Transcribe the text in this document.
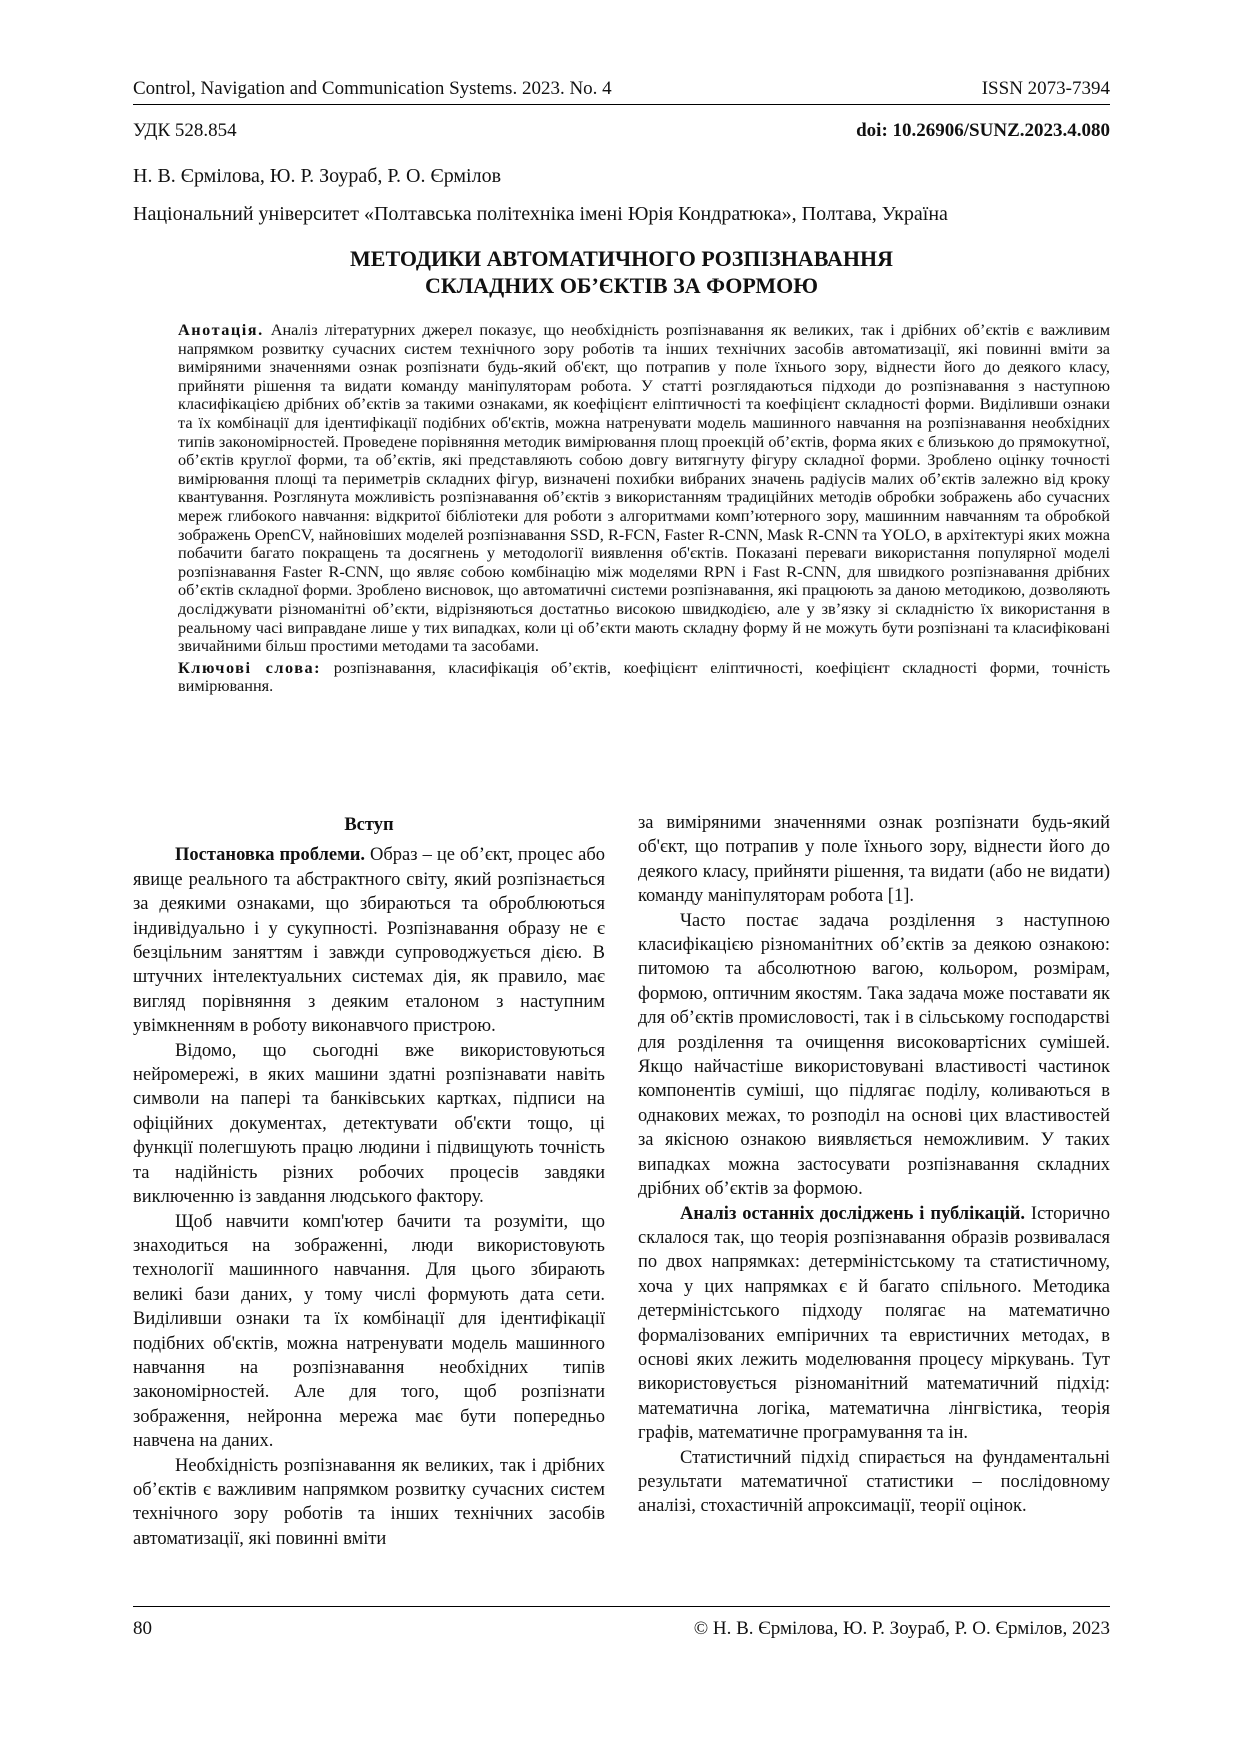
Control, Navigation and Communication Systems. 2023. No. 4	ISSN 2073-7394
УДК 528.854	doi: 10.26906/SUNZ.2023.4.080
Н. В. Єрмілова, Ю. Р. Зоураб, Р. О. Єрмілов
Національний університет «Полтавська політехніка імені Юрія Кондратюка», Полтава, Україна
МЕТОДИКИ АВТОМАТИЧНОГО РОЗПІЗНАВАННЯ
СКЛАДНИХ ОБ’ЄКТІВ ЗА ФОРМОЮ

Анотація. Аналіз літературних джерел показує, що необхідність розпізнавання як великих, так і дрібних об’єктів є важливим напрямком розвитку сучасних систем технічного зору роботів та інших технічних засобів автоматизації, які повинні вміти за виміряними значеннями ознак розпізнати будь-який об'єкт, що потрапив у поле їхнього зору, віднести його до деякого класу, прийняти рішення та видати команду маніпуляторам робота. У статті розглядаються підходи до розпізнавання з наступною класифікацією дрібних об’єктів за такими ознаками, як коефіцієнт еліптичності та коефіцієнт складності форми. Виділивши ознаки та їх комбінації для ідентифікації подібних об'єктів, можна натренувати модель машинного навчання на розпізнавання необхідних типів закономірностей. Проведене порівняння методик вимірювання площ проекцій об’єктів, форма яких є близькою до прямокутної, об’єктів круглої форми, та об’єктів, які представляють собою довгу витягнуту фігуру складної форми. Зроблено оцінку точності вимірювання площі та периметрів складних фігур, визначені похибки вибраних значень радіусів малих об’єктів залежно від кроку квантування. Розглянута можливість розпізнавання об’єктів з використанням традиційних методів обробки зображень або сучасних мереж глибокого навчання: відкритої бібліотеки для роботи з алгоритмами комп’ютерного зору, машинним навчанням та обробкой зображень OpenCV, найновіших моделей розпізнавання SSD, R-FCN, Faster R-CNN, Mask R-CNN та YOLO, в архітектурі яких можна побачити багато покращень та досягнень у методології виявлення об'єктів. Показані переваги використання популярної моделі розпізнавання Faster R-CNN, що являє собою комбінацію між моделями RPN і Fast R-CNN, для швидкого розпізнавання дрібних об’єктів складної форми. Зроблено висновок, що автоматичні системи розпізнавання, які працюють за даною методикою, дозволяють досліджувати різноманітні об’єкти, відрізняються достатньо високою швидкодією, але у зв’язку зі складністю їх використання в реальному часі виправдане лише у тих випадках, коли ці об’єкти мають складну форму й не можуть бути розпізнані та класифіковані звичайними більш простими методами та засобами.

Ключові слова: розпізнавання, класифікація об’єктів, коефіцієнт еліптичності, коефіцієнт складності форми, точність вимірювання.

Вступ

Постановка проблеми. Образ – це об’єкт, процес або явище реального та абстрактного світу, який розпізнається за деякими ознаками, що збираються та оброблюються індивідуально і у сукупності. Розпізнавання образу не є безцільним заняттям і завжди супроводжується дією. В штучних інтелектуальних системах дія, як правило, має вигляд порівняння з деяким еталоном з наступним увімкненням в роботу виконавчого пристрою.

Відомо, що сьогодні вже використовуються нейромережі, в яких машини здатні розпізнавати навіть символи на папері та банківських картках, підписи на офіційних документах, детектувати об'єкти тощо, ці функції полегшують працю людини і підвищують точність та надійність різних робочих процесів завдяки виключенню із завдання людського фактору.

Щоб навчити комп'ютер бачити та розуміти, що знаходиться на зображенні, люди використовують технології машинного навчання. Для цього збирають великі бази даних, у тому числі формують дата сети. Виділивши ознаки та їх комбінації для ідентифікації подібних об'єктів, можна натренувати модель машинного навчання на розпізнавання необхідних типів закономірностей. Але для того, щоб розпізнати зображення, нейронна мережа має бути попередньо навчена на даних.

Необхідність розпізнавання як великих, так і дрібних об’єктів є важливим напрямком розвитку сучасних систем технічного зору роботів та інших технічних засобів автоматизації, які повинні вміти

за виміряними значеннями ознак розпізнати будь-який об'єкт, що потрапив у поле їхнього зору, віднести його до деякого класу, прийняти рішення, та видати (або не видати) команду маніпуляторам робота [1].

Часто постає задача розділення з наступною класифікацією різноманітних об’єктів за деякою ознакою: питомою та абсолютною вагою, кольором, розмірам, формою, оптичним якостям. Така задача може поставати як для об’єктів промисловості, так і в сільському господарстві для розділення та очищення високовартісних сумішей. Якщо найчастіше використовувані властивості частинок компонентів суміші, що підлягає поділу, коливаються в однакових межах, то розподіл на основі цих властивостей за якісною ознакою виявляється неможливим. У таких випадках можна застосувати розпізнавання складних дрібних об’єктів за формою.

Аналіз останніх досліджень і публікацій. Історично склалося так, що теорія розпізнавання образів розвивалася по двох напрямках: детерміністському та статистичному, хоча у цих напрямках є й багато спільного. Методика детерміністського підходу полягає на математично формалізованих емпіричних та евристичних методах, в основі яких лежить моделювання процесу міркувань. Тут використовується різноманітний математичний підхід: математична логіка, математична лінгвістика, теорія графів, математичне програмування та ін.

Статистичний підхід спирається на фундаментальні результати математичної статистики – послідовному аналізі, стохастичній апроксимації, теорії оцінок.

80	© Н. В. Єрмілова, Ю. Р. Зоураб, Р. О. Єрмілов, 2023
